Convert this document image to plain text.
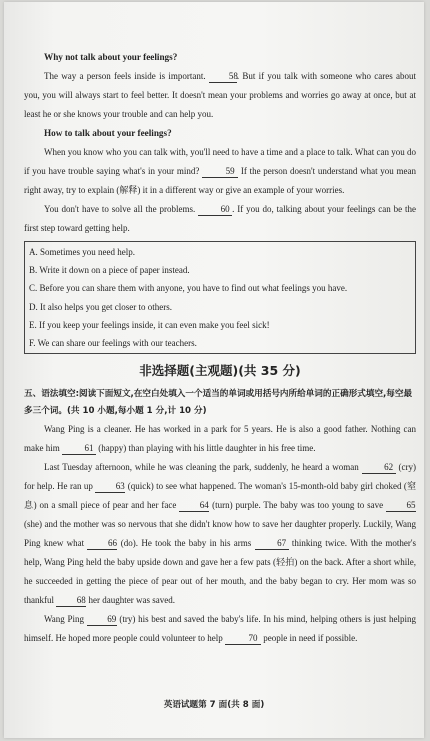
Why not talk about your feelings?

The way a person feels inside is important.	58. But if you talk with someone who cares about you, you will always start to feel better. It doesn't mean your problems and worries go away at once, but at least he or she knows your trouble and can help you.

How to talk about your feelings?

When you know who you can talk with, you'll need to have a time and a place to talk. What can you do if you have trouble saying what's in your mind?	59 If the person doesn't understand what you mean right away, try to explain (解释) it in a different way or give an example of your worries.

You don't have to solve all the problems.	60 . If you do, talking about your feelings can be the first step toward getting help.

A. Sometimes you need help.
B. Write it down on a piece of paper instead.
C. Before you can share them with anyone, you have to find out what feelings you have.
D. It also helps you get closer to others.
E. If you keep your feelings inside, it can even make you feel sick!
F. We can share our feelings with our teachers.
非选择题(主观题)(共 35 分)

五、语法填空:阅读下面短文,在空白处填入一个适当的单词或用括号内所给单词的正确形式填空,每空最多三个词。(共 10 小题,每小题 1 分,计 10 分)

Wang Ping is a cleaner. He has worked in a park for 5 years. He is also a good father. Nothing can make him	61 (happy) than playing with his little daughter in his free time.

Last Tuesday afternoon, while he was cleaning the park, suddenly, he heard a woman	62 (cry) for help. He ran up	63 (quick) to see what happened. The woman's 15-month-old baby girl choked (窒息) on a small piece of pear and her face	64 (turn) purple. The baby was too young to save	65 (she) and the mother was so nervous that she didn't know how to save her daughter properly. Luckily, Wang Ping knew what	66 (do). He took the baby in his arms	67 thinking twice. With the mother's help, Wang Ping held the baby upside down and gave her a few pats (轻拍) on the back. After a short while, he succeeded in getting the piece of pear out of her mouth, and the baby began to cry. Her mom was so thankful	68 her daughter was saved.

Wang Ping	69 (try) his best and saved the baby's life. In his mind, helping others is just helping himself. He hoped more people could volunteer to help	70 people in need if possible.

英语试题第 7 面(共 8 面)
